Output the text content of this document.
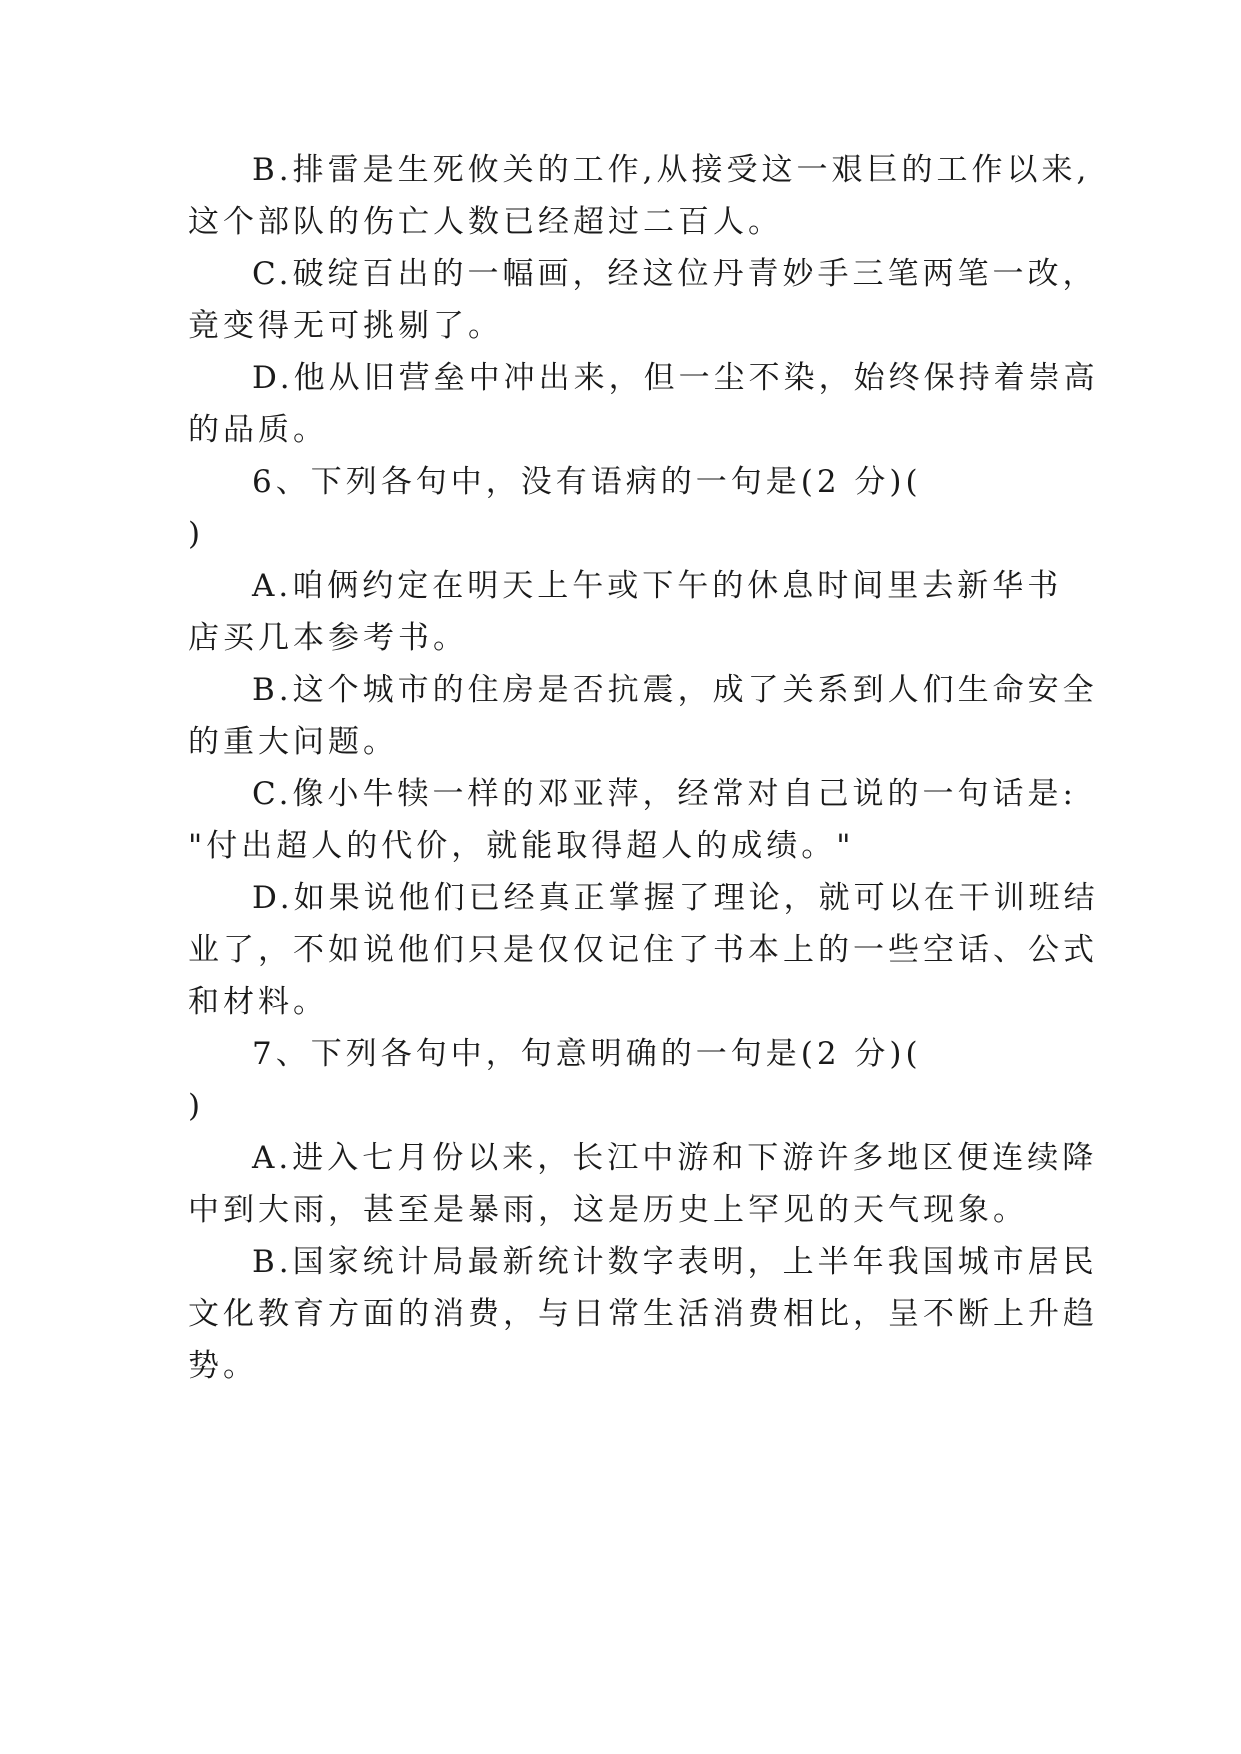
B.排雷是生死攸关的工作,从接受这一艰巨的工作以来,
这个部队的伤亡人数已经超过二百人。
C.破绽百出的一幅画，经这位丹青妙手三笔两笔一改，
竟变得无可挑剔了。
D.他从旧营垒中冲出来，但一尘不染，始终保持着崇高
的品质。
6、下列各句中，没有语病的一句是(2 分)(
)
A.咱俩约定在明天上午或下午的休息时间里去新华书
店买几本参考书。
B.这个城市的住房是否抗震，成了关系到人们生命安全
的重大问题。
C.像小牛犊一样的邓亚萍，经常对自己说的一句话是:
"付出超人的代价，就能取得超人的成绩。"
D.如果说他们已经真正掌握了理论，就可以在干训班结
业了，不如说他们只是仅仅记住了书本上的一些空话、公式
和材料。
7、下列各句中，句意明确的一句是(2 分)(
)
A.进入七月份以来，长江中游和下游许多地区便连续降
中到大雨，甚至是暴雨，这是历史上罕见的天气现象。
B.国家统计局最新统计数字表明，上半年我国城市居民
文化教育方面的消费，与日常生活消费相比，呈不断上升趋
势。
